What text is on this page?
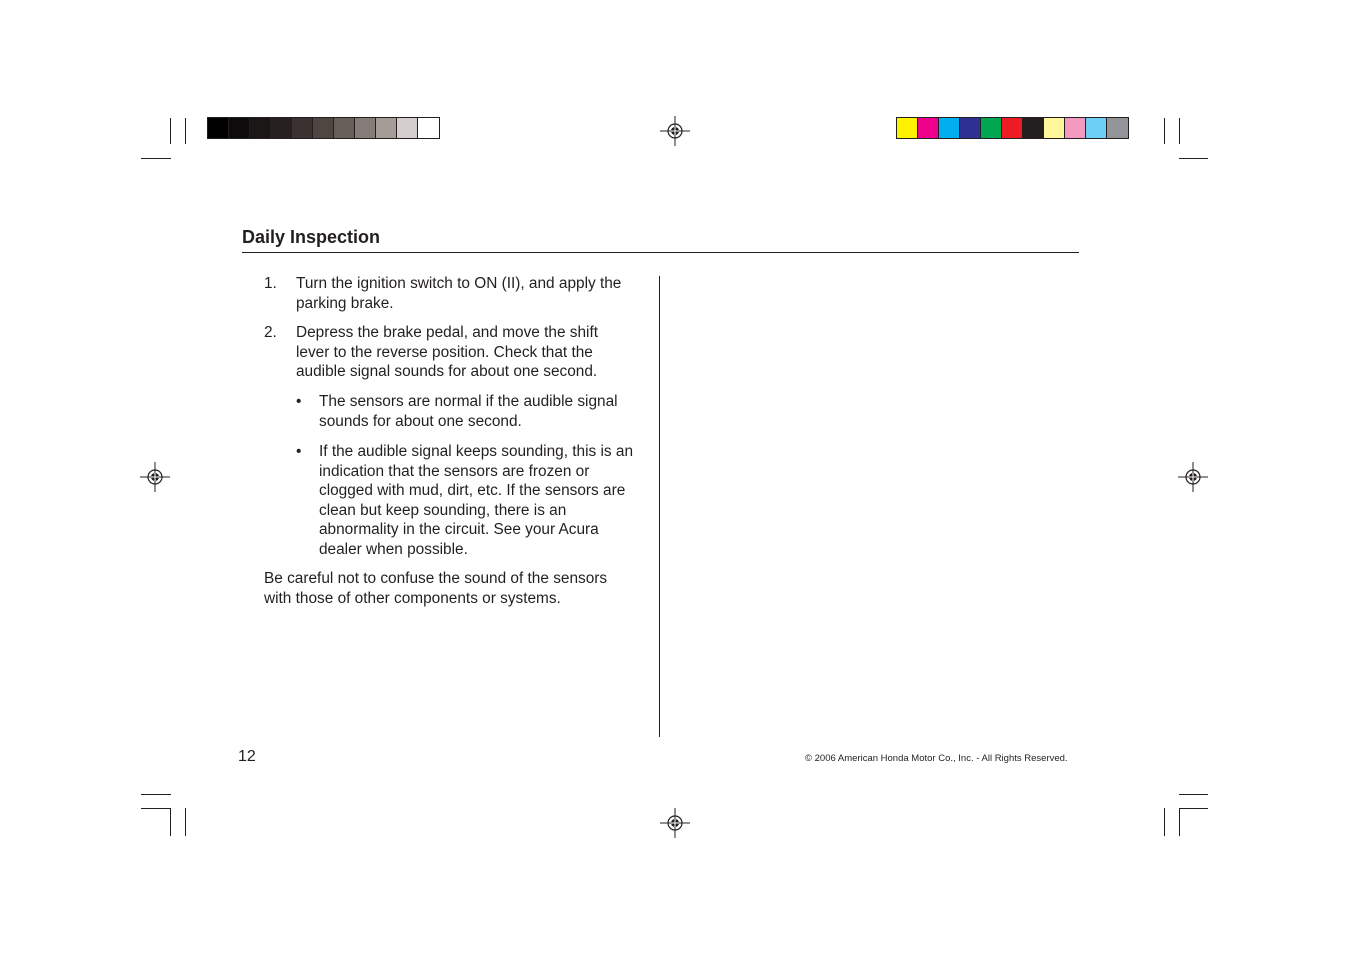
Daily Inspection
1. Turn the ignition switch to ON (II), and apply the parking brake.
2. Depress the brake pedal, and move the shift lever to the reverse position. Check that the audible signal sounds for about one second.
• The sensors are normal if the audible signal sounds for about one second.
• If the audible signal keeps sounding, this is an indication that the sensors are frozen or clogged with mud, dirt, etc. If the sensors are clean but keep sounding, there is an abnormality in the circuit. See your Acura dealer when possible.
Be careful not to confuse the sound of the sensors with those of other components or systems.
12	© 2006 American Honda Motor Co., Inc. - All Rights Reserved.
